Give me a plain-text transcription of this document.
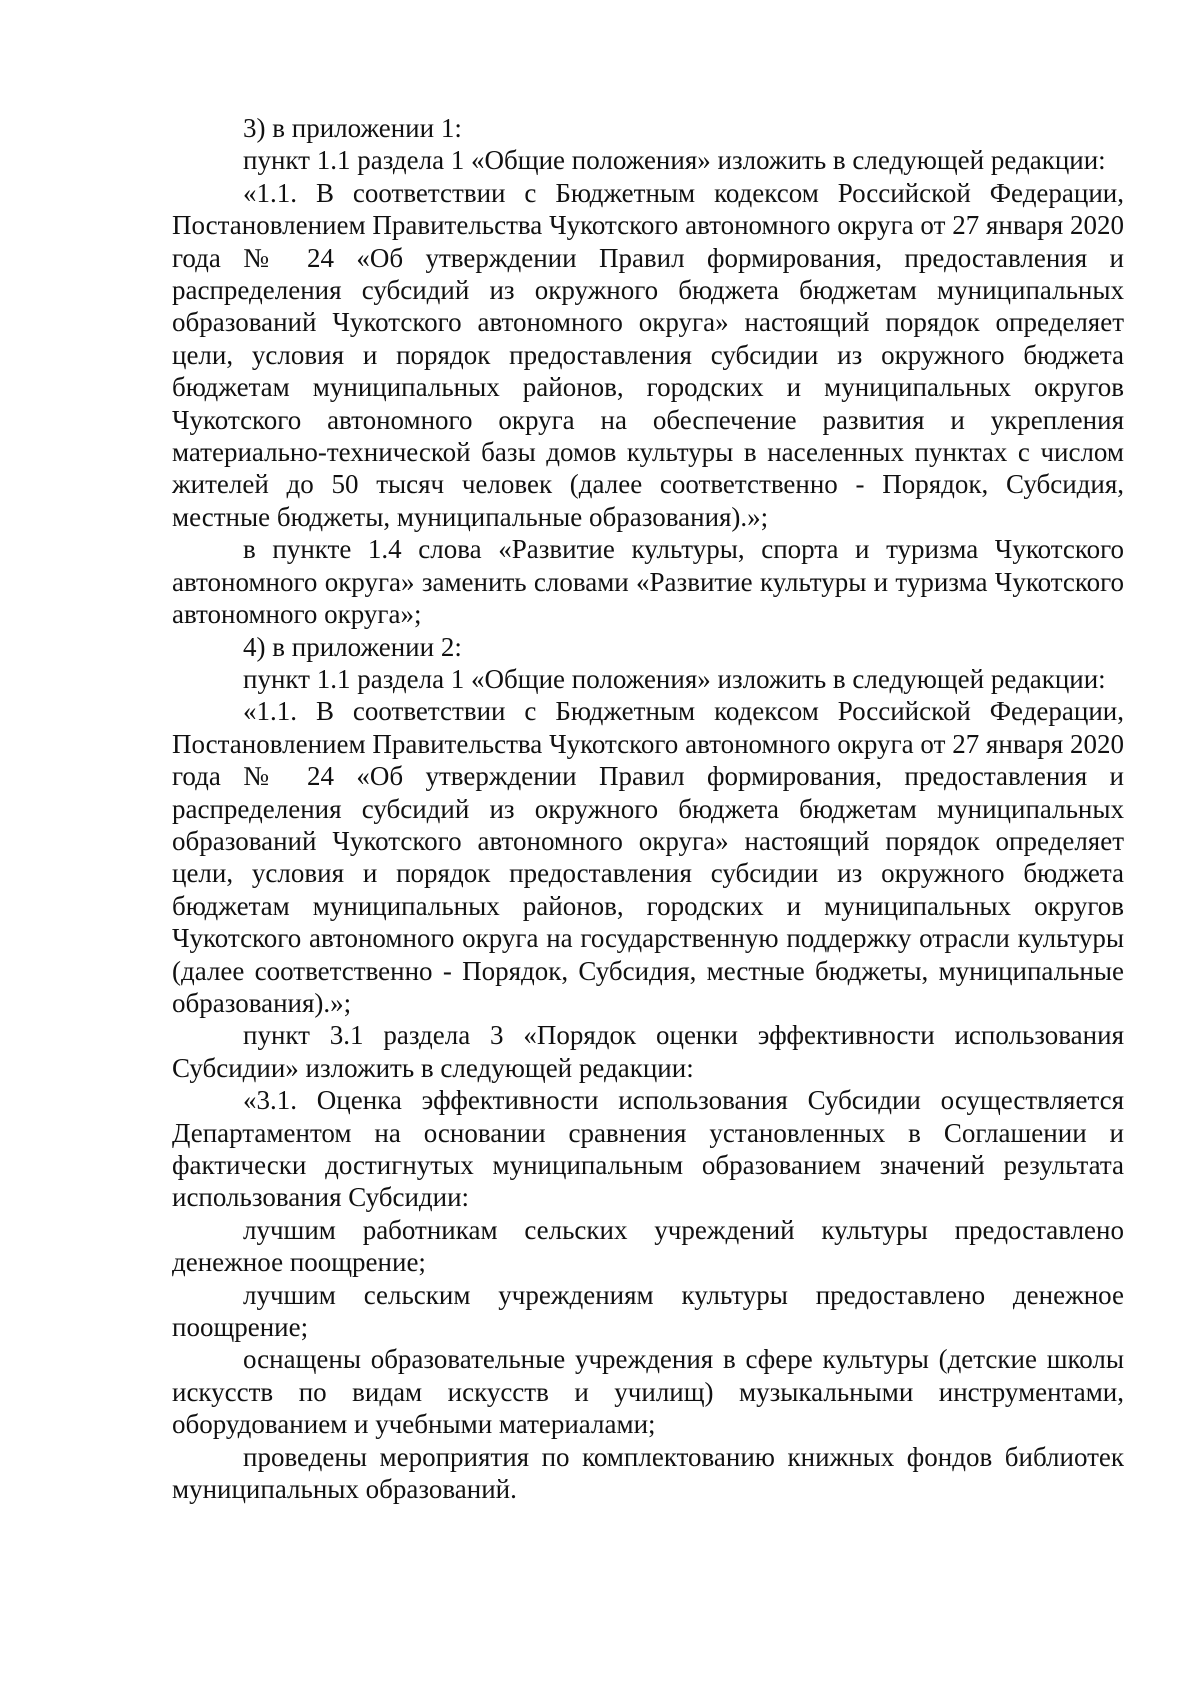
3) в приложении 1:

пункт 1.1 раздела 1 «Общие положения» изложить в следующей редакции:

«1.1. В соответствии с Бюджетным кодексом Российской Федерации, Постановлением Правительства Чукотского автономного округа от 27 января 2020 года № 24 «Об утверждении Правил формирования, предоставления и распределения субсидий из окружного бюджета бюджетам муниципальных образований Чукотского автономного округа» настоящий порядок определяет цели, условия и порядок предоставления субсидии из окружного бюджета бюджетам муниципальных районов, городских и муниципальных округов Чукотского автономного округа на обеспечение развития и укрепления материально-технической базы домов культуры в населенных пунктах с числом жителей до 50 тысяч человек (далее соответственно - Порядок, Субсидия, местные бюджеты, муниципальные образования).»;

в пункте 1.4 слова «Развитие культуры, спорта и туризма Чукотского автономного округа» заменить словами «Развитие культуры и туризма Чукотского автономного округа»;

4) в приложении 2:

пункт 1.1 раздела 1 «Общие положения» изложить в следующей редакции:

«1.1. В соответствии с Бюджетным кодексом Российской Федерации, Постановлением Правительства Чукотского автономного округа от 27 января 2020 года № 24 «Об утверждении Правил формирования, предоставления и распределения субсидий из окружного бюджета бюджетам муниципальных образований Чукотского автономного округа» настоящий порядок определяет цели, условия и порядок предоставления субсидии из окружного бюджета бюджетам муниципальных районов, городских и муниципальных округов Чукотского автономного округа на государственную поддержку отрасли культуры (далее соответственно - Порядок, Субсидия, местные бюджеты, муниципальные образования).»;

пункт 3.1 раздела 3 «Порядок оценки эффективности использования Субсидии» изложить в следующей редакции:

«3.1. Оценка эффективности использования Субсидии осуществляется Департаментом на основании сравнения установленных в Соглашении и фактически достигнутых муниципальным образованием значений результата использования Субсидии:

лучшим работникам сельских учреждений культуры предоставлено денежное поощрение;

лучшим сельским учреждениям культуры предоставлено денежное поощрение;

оснащены образовательные учреждения в сфере культуры (детские школы искусств по видам искусств и училищ) музыкальными инструментами, оборудованием и учебными материалами;

проведены мероприятия по комплектованию книжных фондов библиотек муниципальных образований.
